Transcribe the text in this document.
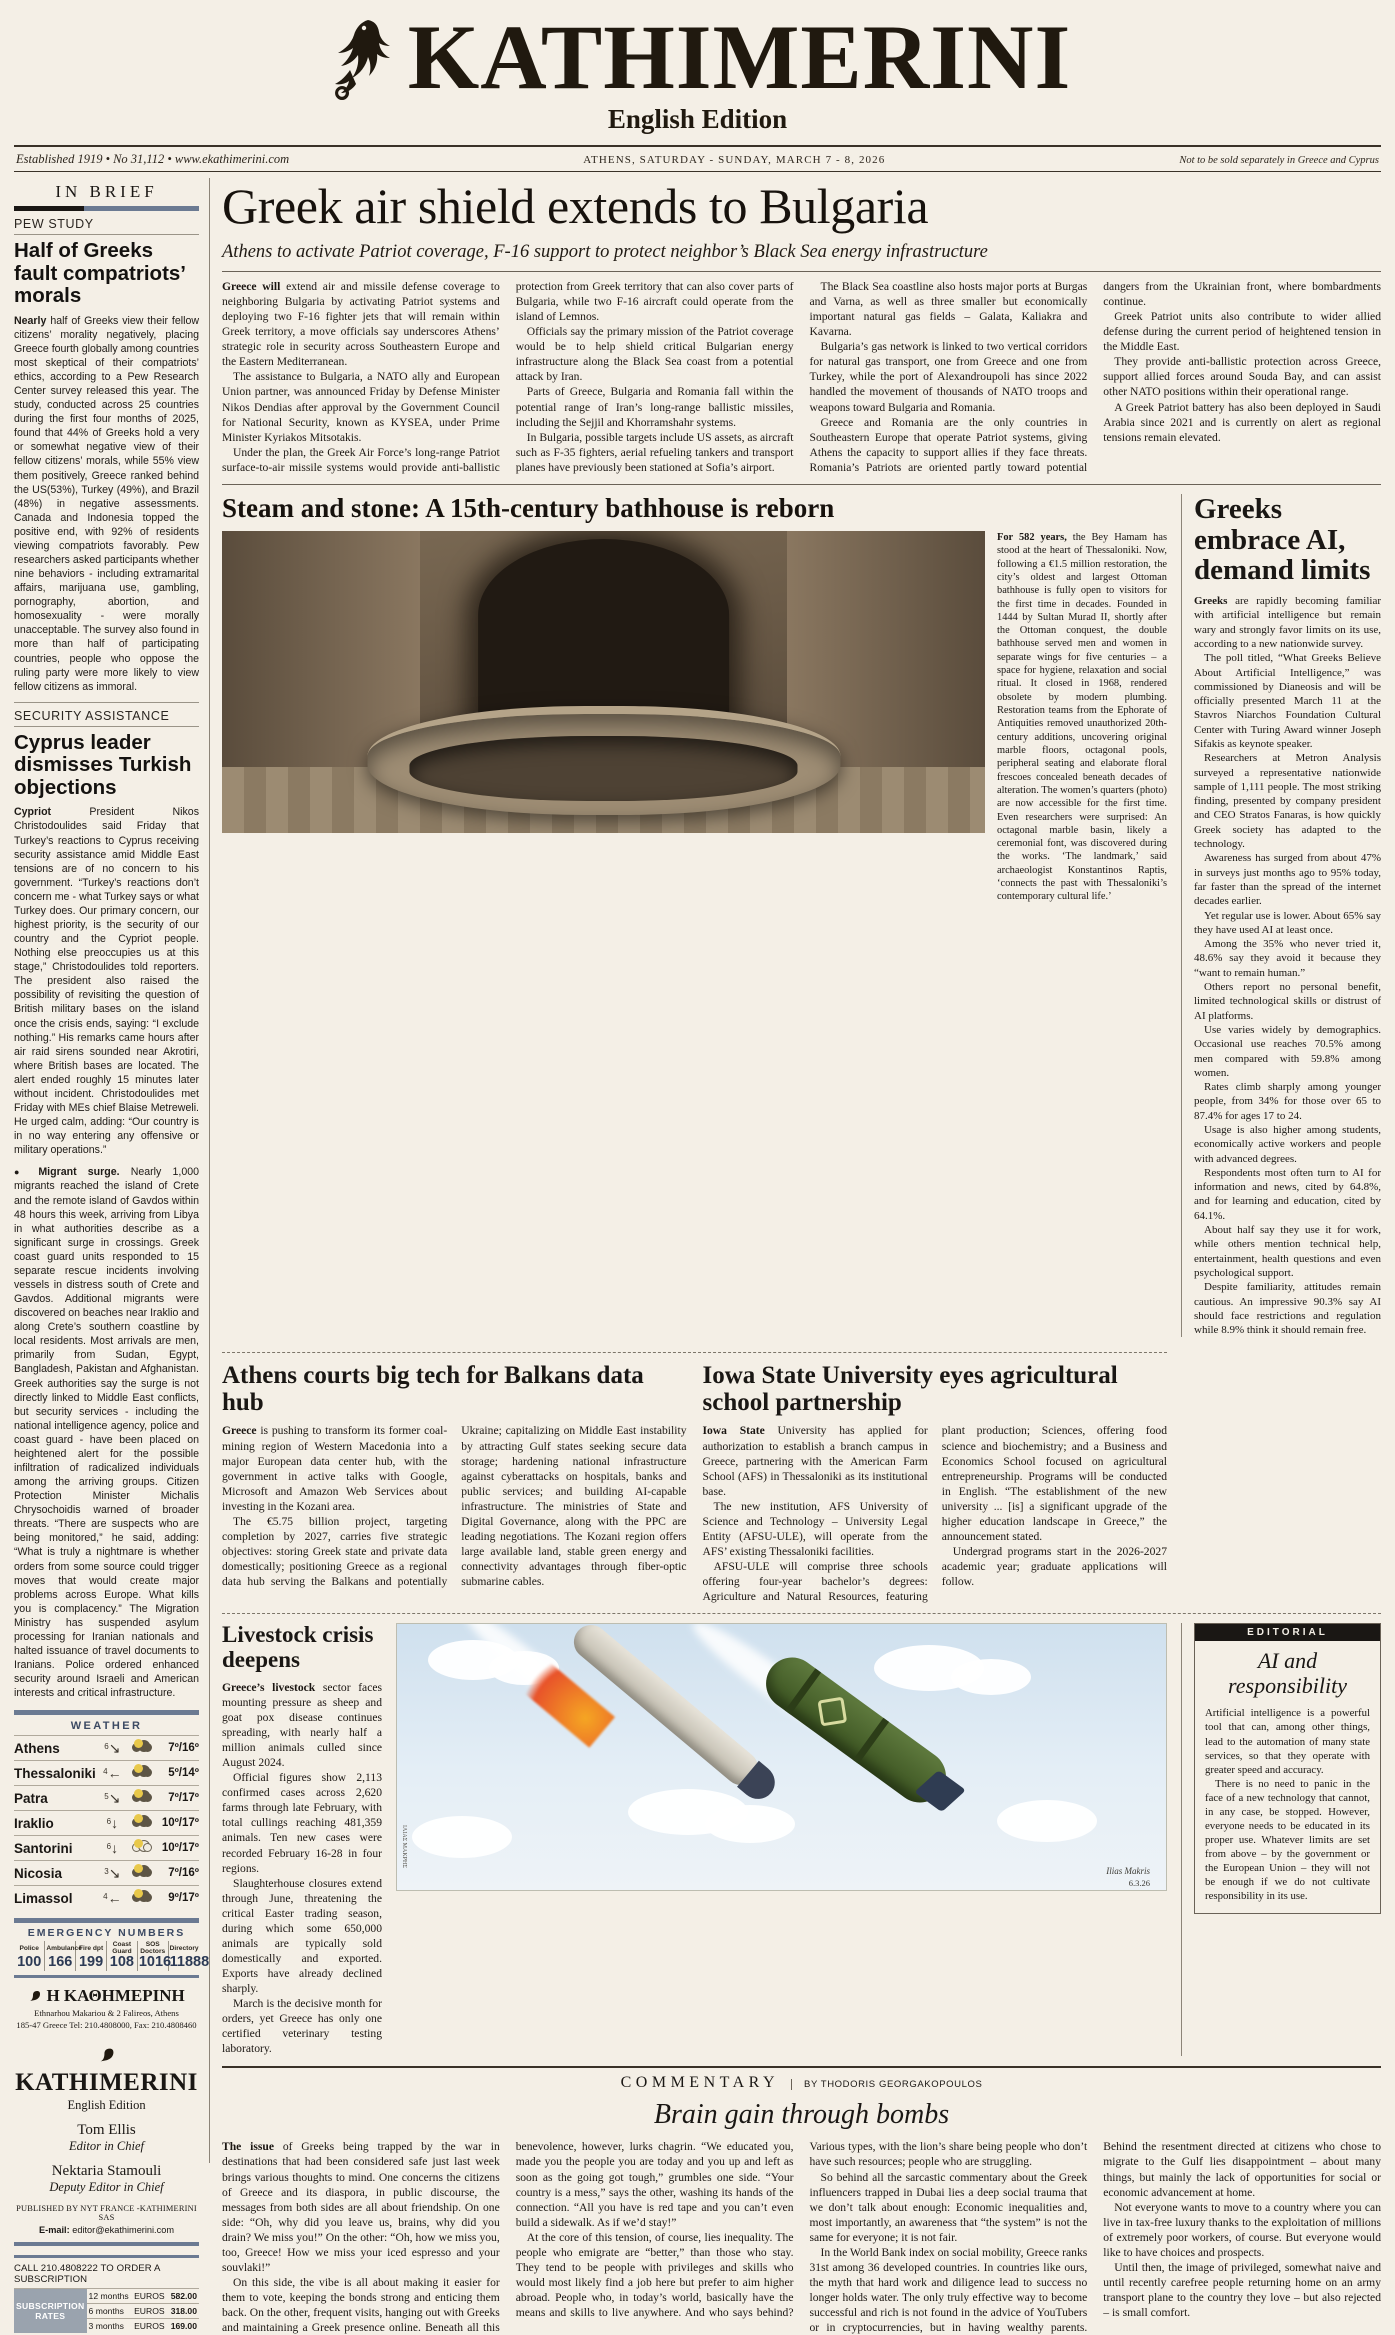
KATHIMERINI
English Edition
Established 1919 • No 31,112 • www.ekathimerini.com	ATHENS, SATURDAY - SUNDAY, MARCH 7 - 8, 2026	Not to be sold separately in Greece and Cyprus
IN BRIEF
PEW STUDY
Half of Greeks fault compatriots’ morals

Nearly half of Greeks view their fellow citizens’ morality negatively, placing Greece fourth globally among countries most skeptical of their compatriots’ ethics, according to a Pew Research Center survey released this year. The study, conducted across 25 countries during the first four months of 2025, found that 44% of Greeks hold a very or somewhat negative view of their fellow citizens’ morals, while 55% view them positively, Greece ranked behind the US(53%), Turkey (49%), and Brazil (48%) in negative assessments. Canada and Indonesia topped the positive end, with 92% of residents viewing compatriots favorably. Pew researchers asked participants whether nine behaviors - including extramarital affairs, marijuana use, gambling, pornography, abortion, and homosexuality - were morally unacceptable. The survey also found in more than half of participating countries, people who oppose the ruling party were more likely to view fellow citizens as immoral.

SECURITY ASSISTANCE
Cyprus leader dismisses Turkish objections

Cypriot President Nikos Christodoulides said Friday that Turkey’s reactions to Cyprus receiving security assistance amid Middle East tensions are of no concern to his government. “Turkey’s reactions don’t concern me - what Turkey says or what Turkey does. Our primary concern, our highest priority, is the security of our country and the Cypriot people. Nothing else preoccupies us at this stage,” Christodoulides told reporters. The president also raised the possibility of revisiting the question of British military bases on the island once the crisis ends, saying: “I exclude nothing.” His remarks came hours after air raid sirens sounded near Akrotiri, where British bases are located. The alert ended roughly 15 minutes later without incident. Christodoulides met Friday with MEs chief Blaise Metreweli. He urged calm, adding: “Our country is in no way entering any offensive or military operations.”

● Migrant surge. Nearly 1,000 migrants reached the island of Crete and the remote island of Gavdos within 48 hours this week, arriving from Libya in what authorities describe as a significant surge in crossings. Greek coast guard units responded to 15 separate rescue incidents involving vessels in distress south of Crete and Gavdos. Additional migrants were discovered on beaches near Iraklio and along Crete’s southern coastline by local residents. Most arrivals are men, primarily from Sudan, Egypt, Bangladesh, Pakistan and Afghanistan. Greek authorities say the surge is not directly linked to Middle East conflicts, but security services - including the national intelligence agency, police and coast guard - have been placed on heightened alert for the possible infiltration of radicalized individuals among the arriving groups. Citizen Protection Minister Michalis Chrysochoidis warned of broader threats. “There are suspects who are being monitored,” he said, adding: “What is truly a nightmare is whether orders from some source could trigger moves that would create major problems across Europe. What kills you is complacency.” The Migration Ministry has suspended asylum processing for Iranian nationals and halted issuance of travel documents to Iranians. Police ordered enhanced security around Israeli and American interests and critical infrastructure.

WEATHER
Athens	6↘		7º/16º
Thessaloniki	4←		5º/14º
Patra	5↘		7º/17º
Iraklio	6↓		10º/17º
Santorini	6↓		10º/17º
Nicosia	3↘		7º/16º
Limassol	4←		9º/17º
EMERGENCY NUMBERS
Police	Ambulance	Fire dpt	Coast Guard	SOS Doctors	Directory
100	166	199	108	1016	11888
Η ΚΑΘΗΜΕΡΙΝΗ
Ethnarhou Makariou & 2 Falireos, Athens
185-47 Greece Tel: 210.4808000, Fax: 210.4808460
KATHIMERINI
English Edition
Tom Ellis
Editor in Chief
Nektaria Stamouli
Deputy Editor in Chief
PUBLISHED BY NYT FRANCE -KATHIMERINI SAS
E-mail: editor@ekathimerini.com
CALL 210.4808222 TO ORDER A SUBSCRIPTION
SUBSCRIPTION RATES	12 months	EUROS	582.00
	6 months	EUROS	318.00
	3 months	EUROS	169.00
Greek air shield extends to Bulgaria
Athens to activate Patriot coverage, F-16 support to protect neighbor’s Black Sea energy infrastructure

Greece will extend air and missile defense coverage to neighboring Bulgaria by activating Patriot systems and deploying two F-16 fighter jets that will remain within Greek territory, a move officials say underscores Athens’ strategic role in security across Southeastern Europe and the Eastern Mediterranean.

The assistance to Bulgaria, a NATO ally and European Union partner, was announced Friday by Defense Minister Nikos Dendias after approval by the Government Council for National Security, known as KYSEA, under Prime Minister Kyriakos Mitsotakis.

Under the plan, the Greek Air Force’s long-range Patriot surface-to-air missile systems would provide anti-ballistic protection from Greek territory that can also cover parts of Bulgaria, while two F-16 aircraft could operate from the island of Lemnos.

Officials say the primary mission of the Patriot coverage would be to help shield critical Bulgarian energy infrastructure along the Black Sea coast from a potential attack by Iran.

Parts of Greece, Bulgaria and Romania fall within the potential range of Iran’s long-range ballistic missiles, including the Sejjil and Khorramshahr systems.

In Bulgaria, possible targets include US assets, as aircraft such as F-35 fighters, aerial refueling tankers and transport planes have previously been stationed at Sofia’s airport.

The Black Sea coastline also hosts major ports at Burgas and Varna, as well as three smaller but economically important natural gas fields – Galata, Kaliakra and Kavarna.

Bulgaria’s gas network is linked to two vertical corridors for natural gas transport, one from Greece and one from Turkey, while the port of Alexandroupoli has since 2022 handled the movement of thousands of NATO troops and weapons toward Bulgaria and Romania.

Greece and Romania are the only countries in Southeastern Europe that operate Patriot systems, giving Athens the capacity to support allies if they face threats. Romania’s Patriots are oriented partly toward potential dangers from the Ukrainian front, where bombardments continue.

Greek Patriot units also contribute to wider allied defense during the current period of heightened tension in the Middle East.

They provide anti-ballistic protection across Greece, support allied forces around Souda Bay, and can assist other NATO positions within their operational range.

A Greek Patriot battery has also been deployed in Saudi Arabia since 2021 and is currently on alert as regional tensions remain elevated.

Steam and stone: A 15th-century bathhouse is reborn
For 582 years, the Bey Hamam has stood at the heart of Thessaloniki. Now, following a €1.5 million restoration, the city’s oldest and largest Ottoman bathhouse is fully open to visitors for the first time in decades. Founded in 1444 by Sultan Murad II, shortly after the Ottoman conquest, the double bathhouse served men and women in separate wings for five centuries – a space for hygiene, relaxation and social ritual. It closed in 1968, rendered obsolete by modern plumbing. Restoration teams from the Ephorate of Antiquities removed unauthorized 20th-century additions, uncovering original marble floors, octagonal pools, peripheral seating and elaborate floral frescoes concealed beneath decades of alteration. The women’s quarters (photo) are now accessible for the first time. Even researchers were surprised: An octagonal marble basin, likely a ceremonial font, was discovered during the works. ‘The landmark,’ said archaeologist Konstantinos Raptis, ‘connects the past with Thessaloniki’s contemporary cultural life.’
Greeks embrace AI, demand limits

Greeks are rapidly becoming familiar with artificial intelligence but remain wary and strongly favor limits on its use, according to a new nationwide survey.

The poll titled, “What Greeks Believe About Artificial Intelligence,” was commissioned by Dianeosis and will be officially presented March 11 at the Stavros Niarchos Foundation Cultural Center with Turing Award winner Joseph Sifakis as keynote speaker.

Researchers at Metron Analysis surveyed a representative nationwide sample of 1,111 people. The most striking finding, presented by company president and CEO Stratos Fanaras, is how quickly Greek society has adapted to the technology.

Awareness has surged from about 47% in surveys just months ago to 95% today, far faster than the spread of the internet decades earlier.

Yet regular use is lower. About 65% say they have used AI at least once.

Among the 35% who never tried it, 48.6% say they avoid it because they “want to remain human.”

Others report no personal benefit, limited technological skills or distrust of AI platforms.

Use varies widely by demographics. Occasional use reaches 70.5% among men compared with 59.8% among women.

Rates climb sharply among younger people, from 34% for those over 65 to 87.4% for ages 17 to 24.

Usage is also higher among students, economically active workers and people with advanced degrees.

Respondents most often turn to AI for information and news, cited by 64.8%, and for learning and education, cited by 64.1%.

About half say they use it for work, while others mention technical help, entertainment, health questions and even psychological support.

Despite familiarity, attitudes remain cautious. An impressive 90.3% say AI should face restrictions and regulation while 8.9% think it should remain free.

Athens courts big tech for Balkans data hub

Greece is pushing to transform its former coal-mining region of Western Macedonia into a major European data center hub, with the government in active talks with Google, Microsoft and Amazon Web Services about investing in the Kozani area.

The €5.75 billion project, targeting completion by 2027, carries five strategic objectives: storing Greek state and private data domestically; positioning Greece as a regional data hub serving the Balkans and potentially Ukraine; capitalizing on Middle East instability by attracting Gulf states seeking secure data storage; hardening national infrastructure against cyberattacks on hospitals, banks and public services; and building AI-capable infrastructure. The ministries of State and Digital Governance, along with the PPC are leading negotiations. The Kozani region offers large available land, stable green energy and connectivity advantages through fiber-optic submarine cables.

Iowa State University eyes agricultural school partnership

Iowa State University has applied for authorization to establish a branch campus in Greece, partnering with the American Farm School (AFS) in Thessaloniki as its institutional base.

The new institution, AFS University of Science and Technology – University Legal Entity (AFSU-ULE), will operate from the AFS’ existing Thessaloniki facilities.

AFSU-ULE will comprise three schools offering four-year bachelor’s degrees: Agriculture and Natural Resources, featuring plant production; Sciences, offering food science and biochemistry; and a Business and Economics School focused on agricultural entrepreneurship. Programs will be conducted in English. “The establishment of the new university ... [is] a significant upgrade of the higher education landscape in Greece,” the announcement stated.

Undergrad programs start in the 2026-2027 academic year; graduate applications will follow.

Livestock crisis deepens

Greece’s livestock sector faces mounting pressure as sheep and goat pox disease continues spreading, with nearly half a million animals culled since August 2024.

Official figures show 2,113 confirmed cases across 2,620 farms through late February, with total cullings reaching 481,359 animals. Ten new cases were recorded February 16-28 in four regions.

Slaughterhouse closures extend through June, threatening the critical Easter trading season, during which some 650,000 animals are typically sold domestically and exported. Exports have already declined sharply.

March is the decisive month for orders, yet Greece has only one certified veterinary testing laboratory.

ΙΛΙΑΣ ΜΑΚΡΗΣ
Ilias Makris
6.3.26
EDITORIAL
AI and responsibility

Artificial intelligence is a powerful tool that can, among other things, lead to the automation of many state services, so that they operate with greater speed and accuracy.

There is no need to panic in the face of a new technology that cannot, in any case, be stopped. However, everyone needs to be educated in its proper use. Whatever limits are set from above – by the government or the European Union – they will not be enough if we do not cultivate responsibility in its use.

COMMENTARY	BY THODORIS GEORGAKOPOULOS
Brain gain through bombs

The issue of Greeks being trapped by the war in destinations that had been considered safe just last week brings various thoughts to mind. One concerns the citizens of Greece and its diaspora, in public discourse, the messages from both sides are all about friendship. On one side: “Oh, why did you leave us, brains, why did you drain? We miss you!” On the other: “Oh, how we miss you, too, Greece! How we miss your iced espresso and your souvlaki!”

On this side, the vibe is all about making it easier for them to vote, keeping the bonds strong and enticing them back. On the other, frequent visits, hanging out with Greeks and maintaining a Greek presence online. Beneath all this benevolence, however, lurks chagrin. “We educated you, made you the people you are today and you up and left as soon as the going got tough,” grumbles one side. “Your country is a mess,” says the other, washing its hands of the connection. “All you have is red tape and you can’t even build a sidewalk. As if we’d stay!”

At the core of this tension, of course, lies inequality. The people who emigrate are “better,” than those who stay. They tend to be people with privileges and skills who would most likely find a job here but prefer to aim higher abroad. People who, in today’s world, basically have the means and skills to live anywhere. And who says behind? Various types, with the lion’s share being people who don’t have such resources; people who are struggling.

So behind all the sarcastic commentary about the Greek influencers trapped in Dubai lies a deep social trauma that we don’t talk about enough: Economic inequalities and, most importantly, an awareness that “the system” is not the same for everyone; it is not fair.

In the World Bank index on social mobility, Greece ranks 31st among 36 developed countries. In countries like ours, the myth that hard work and diligence lead to success no longer holds water. The only truly effective way to become successful and rich is not found in the advice of YouTubers or in cryptocurrencies, but in having wealthy parents. Behind the resentment directed at citizens who chose to migrate to the Gulf lies disappointment – about many things, but mainly the lack of opportunities for social or economic advancement at home.

Not everyone wants to move to a country where you can live in tax-free luxury thanks to the exploitation of millions of extremely poor workers, of course. But everyone would like to have choices and prospects.

Until then, the image of privileged, somewhat naive and until recently carefree people returning home on an army transport plane to the country they love – but also rejected – is small comfort.
